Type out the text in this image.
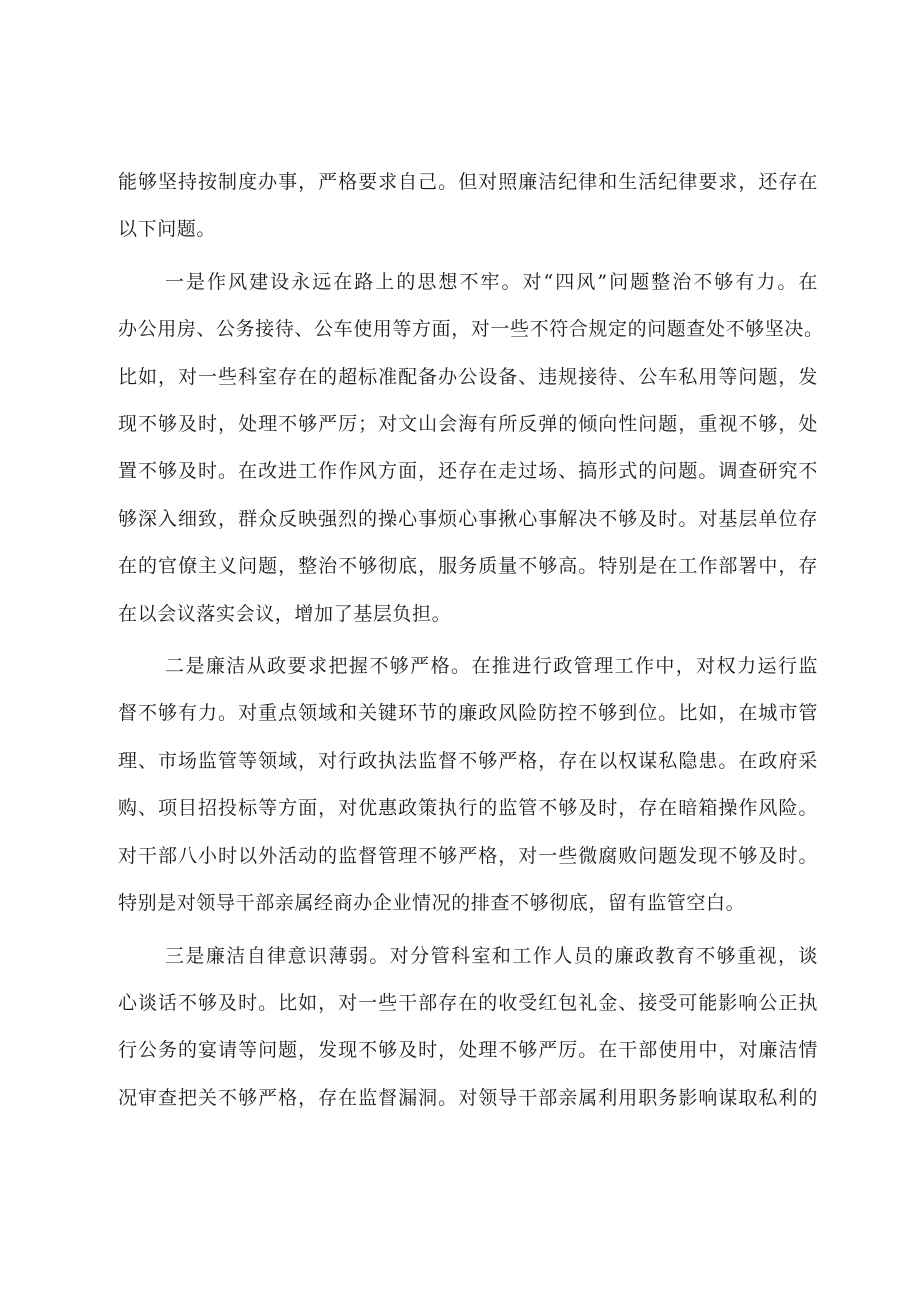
能够坚持按制度办事，严格要求自己。但对照廉洁纪律和生活纪律要求，还存在
以下问题。

一是作风建设永远在路上的思想不牢。对“四风”问题整治不够有力。在
办公用房、公务接待、公车使用等方面，对一些不符合规定的问题查处不够坚决。
比如，对一些科室存在的超标准配备办公设备、违规接待、公车私用等问题，发
现不够及时，处理不够严厉；对文山会海有所反弹的倾向性问题，重视不够，处
置不够及时。在改进工作作风方面，还存在走过场、搞形式的问题。调查研究不
够深入细致，群众反映强烈的操心事烦心事揪心事解决不够及时。对基层单位存
在的官僚主义问题，整治不够彻底，服务质量不够高。特别是在工作部署中，存
在以会议落实会议，增加了基层负担。

二是廉洁从政要求把握不够严格。在推进行政管理工作中，对权力运行监
督不够有力。对重点领域和关键环节的廉政风险防控不够到位。比如，在城市管
理、市场监管等领域，对行政执法监督不够严格，存在以权谋私隐患。在政府采
购、项目招投标等方面，对优惠政策执行的监管不够及时，存在暗箱操作风险。
对干部八小时以外活动的监督管理不够严格，对一些微腐败问题发现不够及时。
特别是对领导干部亲属经商办企业情况的排查不够彻底，留有监管空白。

三是廉洁自律意识薄弱。对分管科室和工作人员的廉政教育不够重视，谈
心谈话不够及时。比如，对一些干部存在的收受红包礼金、接受可能影响公正执
行公务的宴请等问题，发现不够及时，处理不够严厉。在干部使用中，对廉洁情
况审查把关不够严格，存在监督漏洞。对领导干部亲属利用职务影响谋取私利的
